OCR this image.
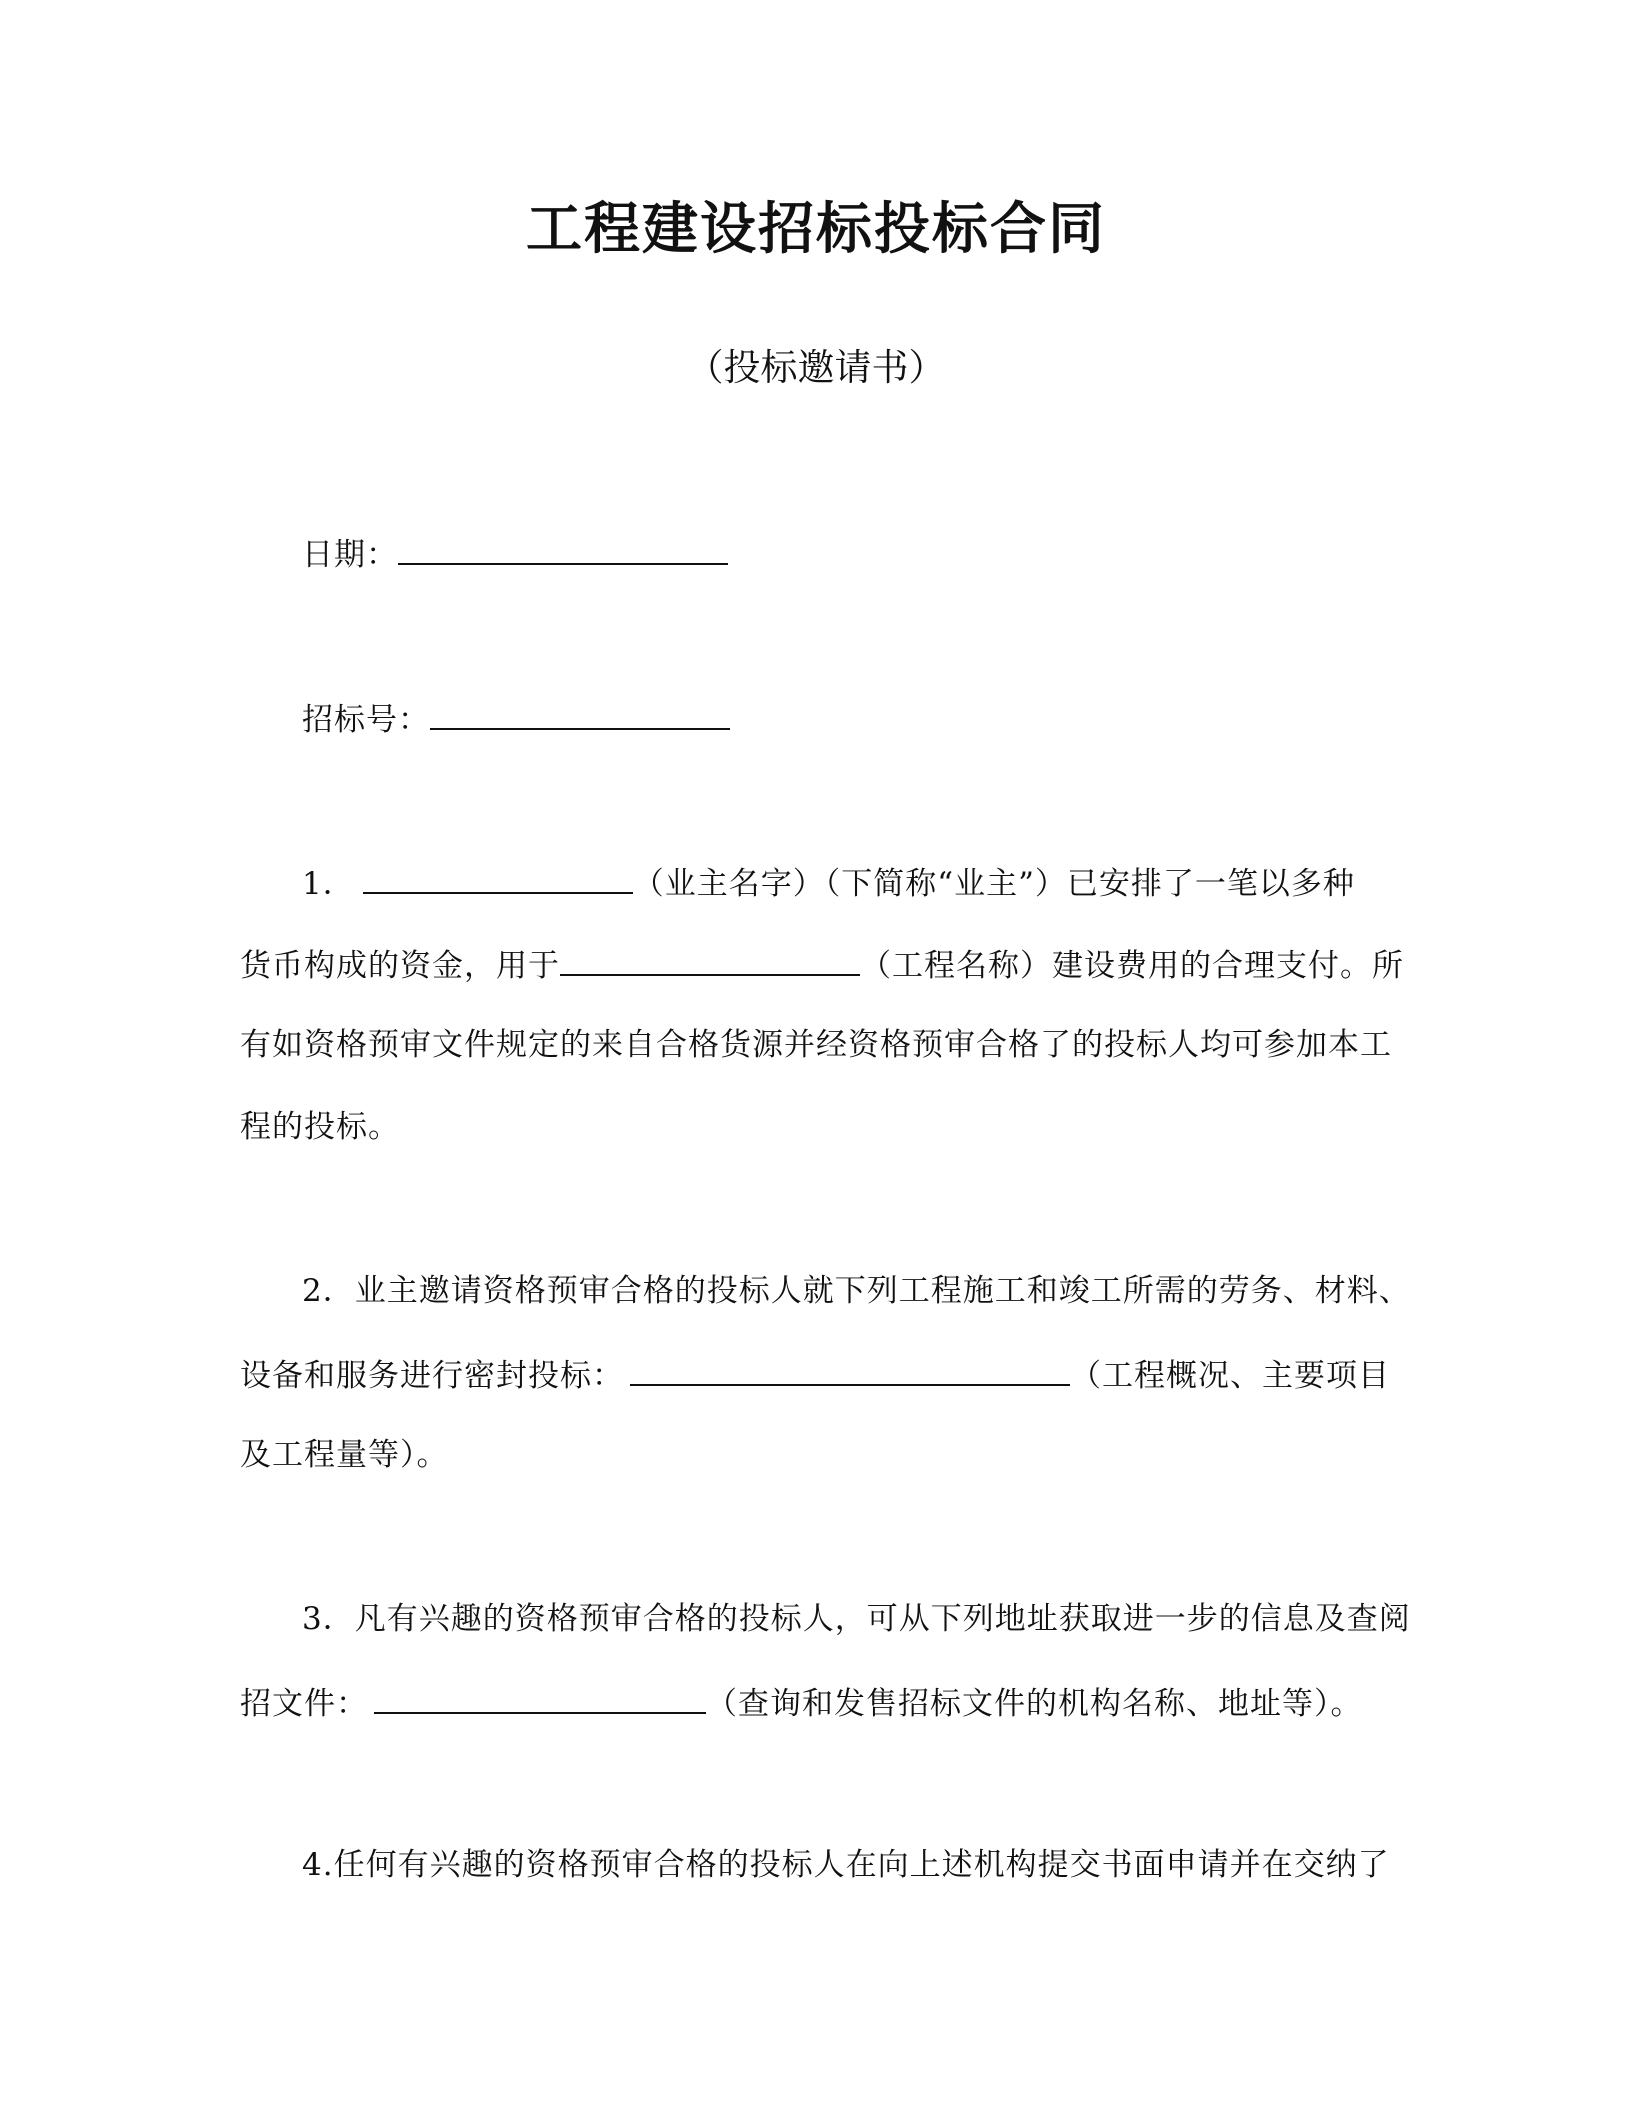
工程建设招标投标合同
（投标邀请书）
日期：
招标号：
1．	（业主名字）（下简称“业主”）已安排了一笔以多种
货币构成的资金，用于	（工程名称）建设费用的合理支付。所
有如资格预审文件规定的来自合格货源并经资格预审合格了的投标人均可参加本工
程的投标。
2．业主邀请资格预审合格的投标人就下列工程施工和竣工所需的劳务、材料、
设备和服务进行密封投标：	（工程概况、主要项目
及工程量等）。
3．凡有兴趣的资格预审合格的投标人，可从下列地址获取进一步的信息及查阅
招文件：	（查询和发售招标文件的机构名称、地址等）。
4.任何有兴趣的资格预审合格的投标人在向上述机构提交书面申请并在交纳了
